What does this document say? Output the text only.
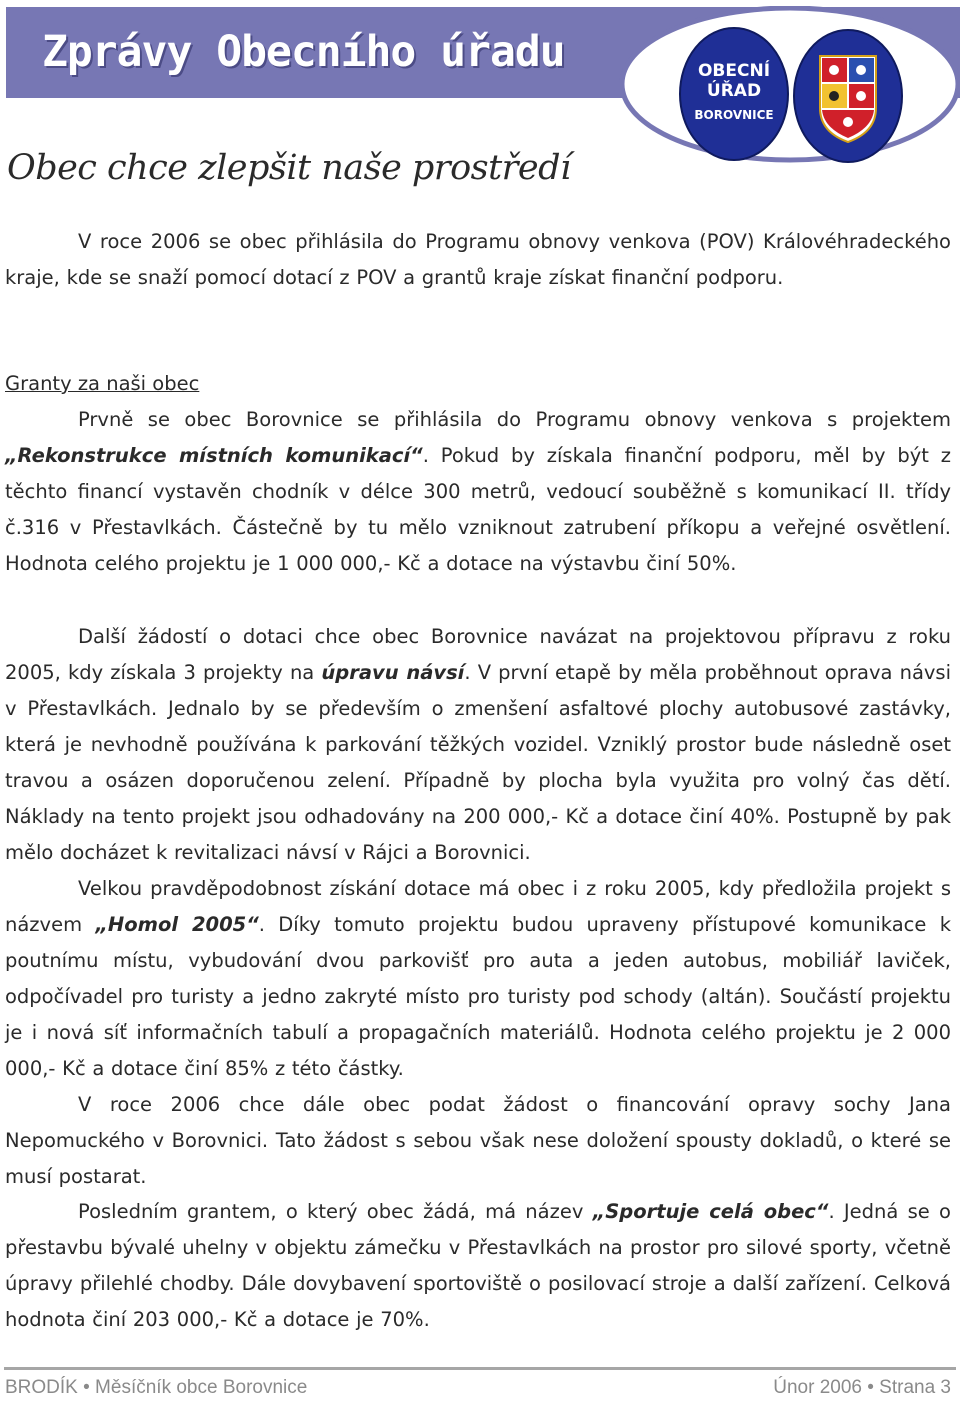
Zprávy Obecního úřadu	OBECNÍ
ÚŘAD
BOROVNICE
Obec chce zlepšit naše prostředí

V roce 2006 se obec přihlásila do Programu obnovy venkova (POV) Královéhradeckého kraje, kde se snaží pomocí dotací z POV a grantů kraje získat finanční podporu.

Granty za naši obec

Prvně se obec Borovnice se přihlásila do Programu obnovy venkova s projektem „Rekonstrukce místních komunikací“. Pokud by získala finanční podporu, měl by být z těchto financí vystavěn chodník v délce 300 metrů, vedoucí souběžně s komunikací II. třídy č.316 v Přestavlkách. Částečně by tu mělo vzniknout zatrubení příkopu a veřejné osvětlení. Hodnota celého projektu je 1 000 000,- Kč a dotace na výstavbu činí 50%.

Další žádostí o dotaci chce obec Borovnice navázat na projektovou přípravu z roku 2005, kdy získala 3 projekty na úpravu návsí. V první etapě by měla proběhnout oprava návsi v Přestavlkách. Jednalo by se především o zmenšení asfaltové plochy autobusové zastávky, která je nevhodně používána k parkování těžkých vozidel. Vzniklý prostor bude následně oset travou a osázen doporučenou zelení. Případně by plocha byla využita pro volný čas dětí. Náklady na tento projekt jsou odhadovány na 200 000,- Kč a dotace činí 40%. Postupně by pak mělo docházet k revitalizaci návsí v Rájci a Borovnici.

Velkou pravděpodobnost získání dotace má obec i z roku 2005, kdy předložila projekt s názvem „Homol 2005“. Díky tomuto projektu budou upraveny přístupové komunikace k poutnímu místu, vybudování dvou parkovišť pro auta a jeden autobus, mobiliář laviček, odpočívadel pro turisty a jedno zakryté místo pro turisty pod schody (altán). Součástí projektu je i nová síť informačních tabulí a propagačních materiálů. Hodnota celého projektu je 2 000 000,- Kč a dotace činí 85% z této částky.

V roce 2006 chce dále obec podat žádost o financování opravy sochy Jana Nepomuckého v Borovnici. Tato žádost s sebou však nese doložení spousty dokladů, o které se musí postarat.

Posledním grantem, o který obec žádá, má název „Sportuje celá obec“. Jedná se o přestavbu bývalé uhelny v objektu zámečku v Přestavlkách na prostor pro silové sporty, včetně úpravy přilehlé chodby. Dále dovybavení sportoviště o posilovací stroje a další zařízení. Celková hodnota činí 203 000,- Kč a dotace je 70%.

BRODÍK • Měsíčník obce Borovnice	Únor 2006 • Strana 3
